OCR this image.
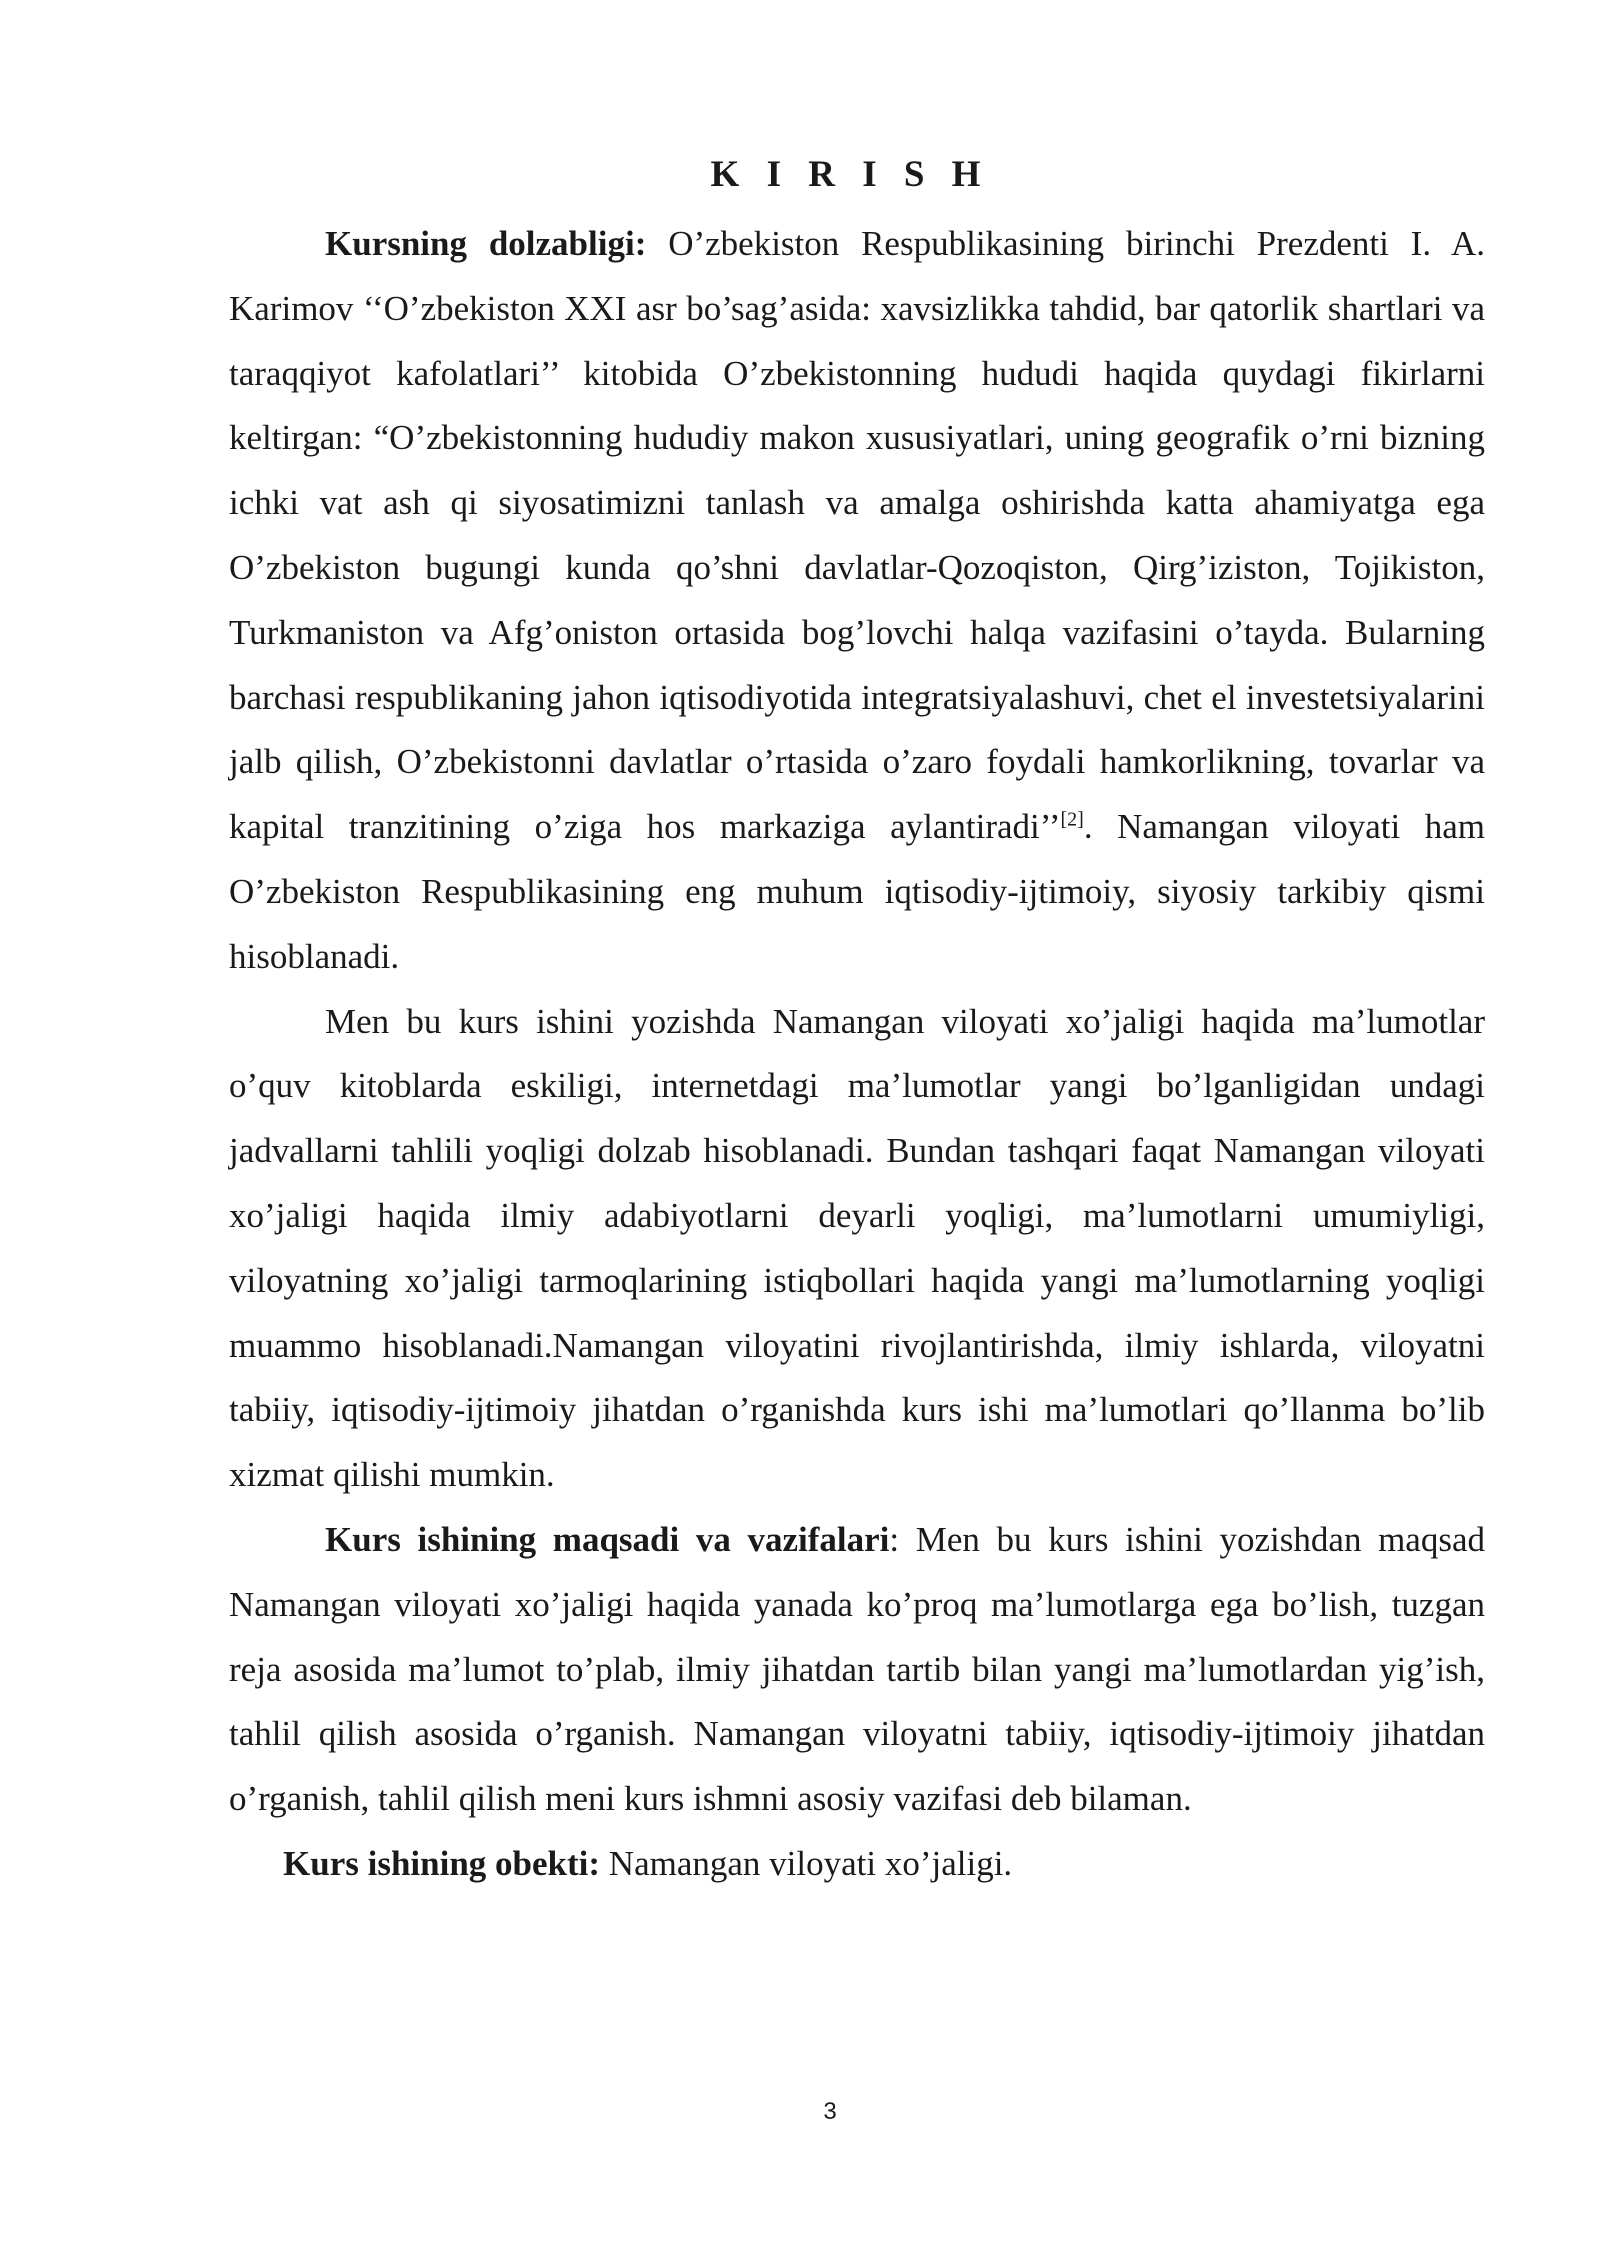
K I R I S H

Kursning dolzabligi: O’zbekiston Respublikasining birinchi Prezdenti I. A. Karimov ‘‘O’zbekiston XXI asr bo’sag’asida: xavsizlikka tahdid, bar qatorlik shartlari va taraqqiyot kafolatlari’’ kitobida O’zbekistonning hududi haqida quydagi fikirlarni keltirgan: “O’zbekistonning hududiy makon xususiyatlari, uning geografik o’rni bizning ichki vat ash qi siyosatimizni tanlash va amalga oshirishda katta ahamiyatga ega O’zbekiston bugungi kunda qo’shni davlatlar-Qozoqiston, Qirg’iziston, Tojikiston, Turkmaniston va Afg’oniston ortasida bog’lovchi halqa vazifasini o’tayda. Bularning barchasi respublikaning jahon iqtisodiyotida integratsiyalashuvi, chet el investetsiyalarini jalb qilish, O’zbekistonni davlatlar o’rtasida o’zaro foydali hamkorlikning, tovarlar va kapital tranzitining o’ziga hos markaziga aylantiradi’’[2]. Namangan viloyati ham O’zbekiston Respublikasining eng muhum iqtisodiy-ijtimoiy, siyosiy tarkibiy qismi hisoblanadi.

Men bu kurs ishini yozishda Namangan viloyati xo’jaligi haqida ma’lumotlar o’quv kitoblarda eskiligi, internetdagi ma’lumotlar yangi bo’lganligidan undagi jadvallarni tahlili yoqligi dolzab hisoblanadi. Bundan tashqari faqat Namangan viloyati xo’jaligi haqida ilmiy adabiyotlarni deyarli yoqligi, ma’lumotlarni umumiyligi, viloyatning xo’jaligi tarmoqlarining istiqbollari haqida yangi ma’lumotlarning yoqligi muammo hisoblanadi.Namangan viloyatini rivojlantirishda, ilmiy ishlarda, viloyatni tabiiy, iqtisodiy-ijtimoiy jihatdan o’rganishda kurs ishi ma’lumotlari qo’llanma bo’lib xizmat qilishi mumkin.

Kurs ishining maqsadi va vazifalari: Men bu kurs ishini yozishdan maqsad Namangan viloyati xo’jaligi haqida yanada ko’proq ma’lumotlarga ega bo’lish, tuzgan reja asosida ma’lumot to’plab, ilmiy jihatdan tartib bilan yangi ma’lumotlardan yig’ish, tahlil qilish asosida o’rganish. Namangan viloyatni tabiiy, iqtisodiy-ijtimoiy jihatdan o’rganish, tahlil qilish meni kurs ishmni asosiy vazifasi deb bilaman.

Kurs ishining obekti: Namangan viloyati xo’jaligi.

3
